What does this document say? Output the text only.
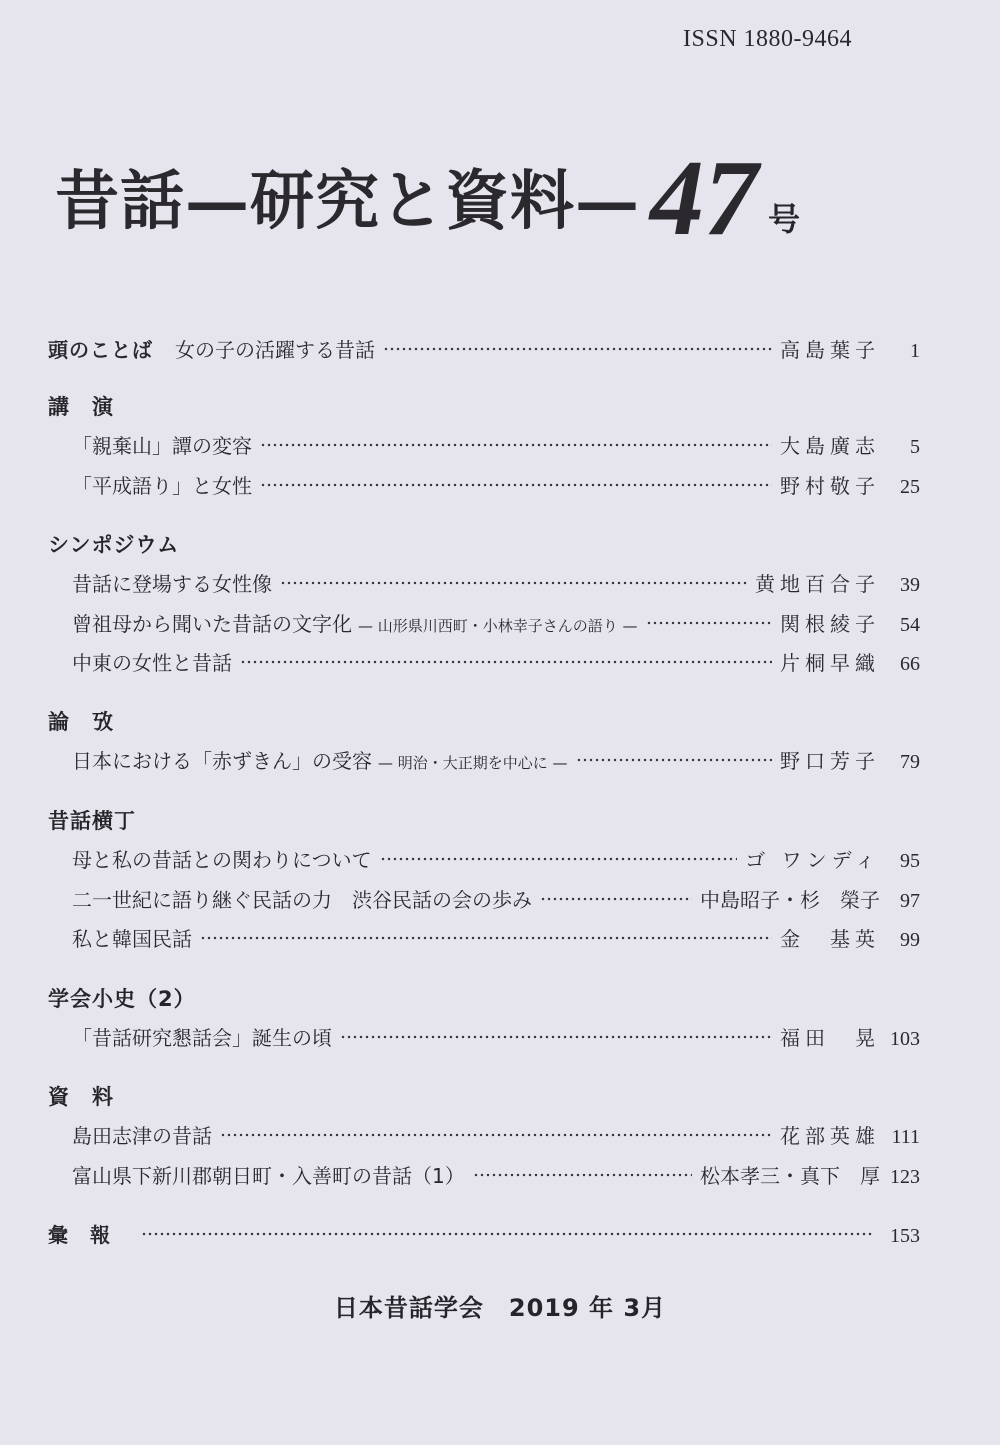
ISSN 1880-9464
昔話—研究と資料— 47 号
頭のことば 女の子の活躍する昔話	高島葉子	1
講　演
「親棄山」譚の変容	大島廣志	5
「平成語り」と女性	野村敬子	25
シンポジウム
昔話に登場する女性像	黄地百合子	39
曾祖母から聞いた昔話の文字化 — 山形県川西町・小林幸子さんの語り —	関根綾子	54
中東の女性と昔話	片桐早織	66
論　攷
日本における「赤ずきん」の受容 — 明治・大正期を中心に —	野口芳子	79
昔話横丁
母と私の昔話との関わりについて	ゴ ワンディ	95
二一世紀に語り継ぐ民話の力　渋谷民話の会の歩み	中島昭子・杉　榮子	97
私と韓国民話	金　基英	99
学会小史（2）
「昔話研究懇話会」誕生の頃	福田　晃 103
資　料
島田志津の昔話	花部英雄 111
富山県下新川郡朝日町・入善町の昔話（1）	松本孝三・真下　厚 123
彙　報	153
日本昔話学会　2019 年 3月
